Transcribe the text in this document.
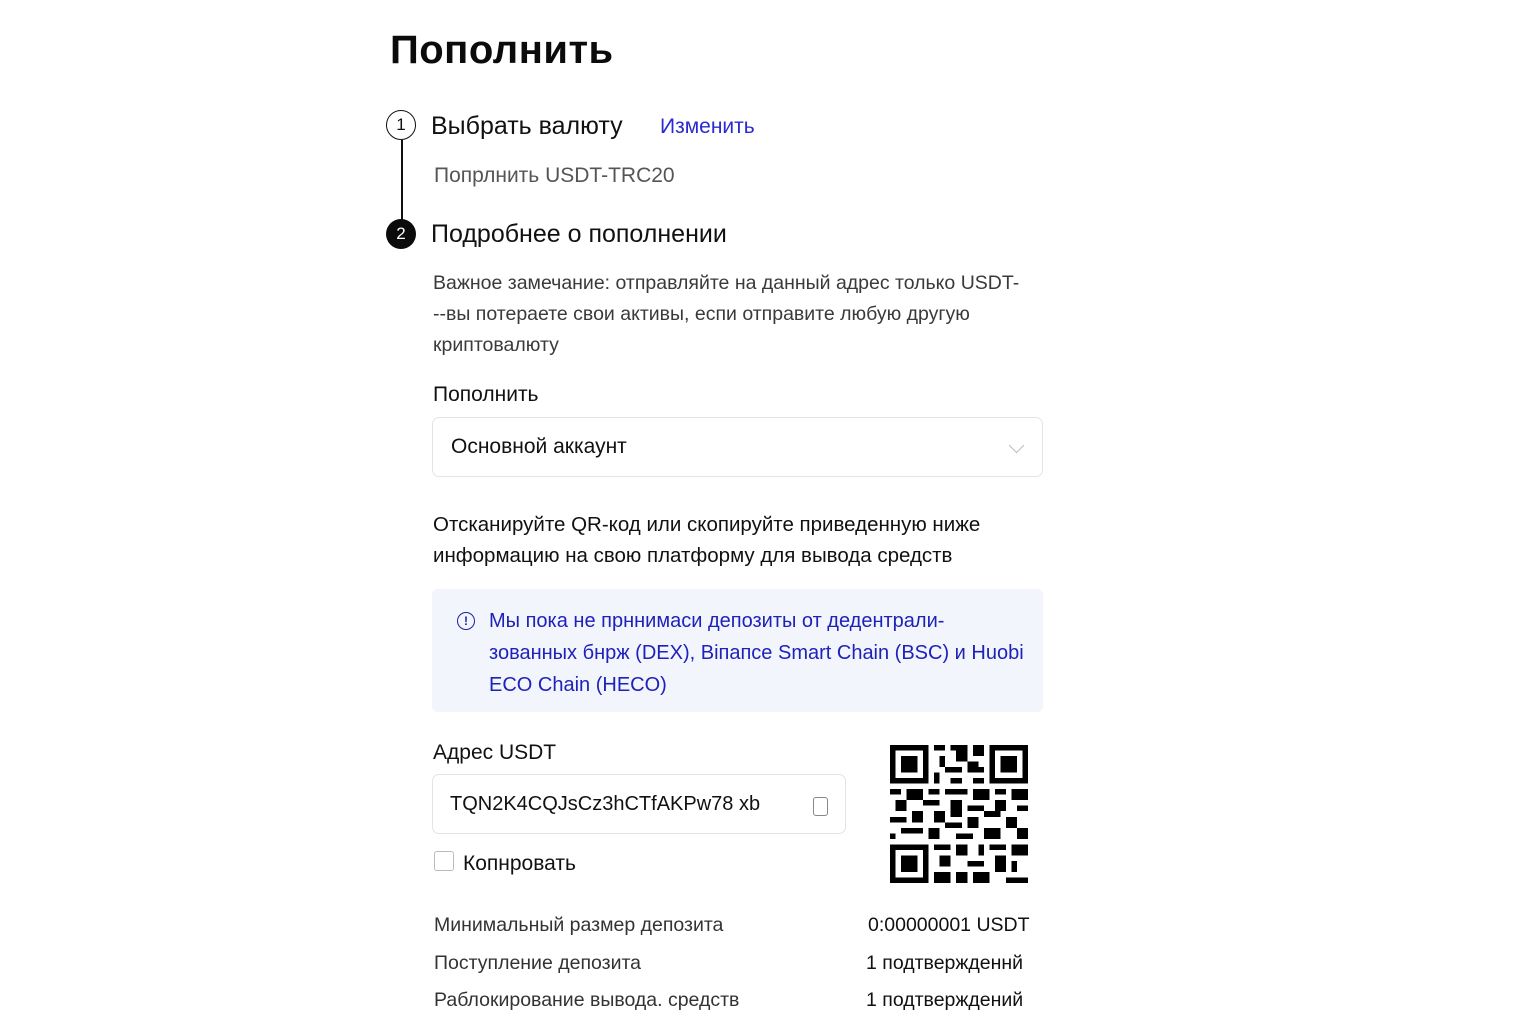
Пополнить
1 Выбрать валюту Изменить
Попрлнить USDT-TRC20
2 Подробнее о пополнении
Важное замечание: отправляйте на данный адрес только USDT---вы потераете свои активы, еспи отправите любую другую криптовалюту
Пополнить
Основной аккаунт
Отсканируйте QR-код или скопируйте приведенную ниже информацию на свою платформу для вывода средств
!	Мы пока не прннимаси депозиты от дедентрали-зованных бнрж (DEX), Bіпапсе Smart Chain (BSC) и Huobi ECO Chain (HECO)
Адрес USDT
TQN2K4CQJsCz3hCTfAKPw78 xb
Копнровать
Минимальный размер депозита	0:00000001 USDT
Поступление депозита	1 подтвержденнй
Раблокирование вывода. средств	1 подтверждений
